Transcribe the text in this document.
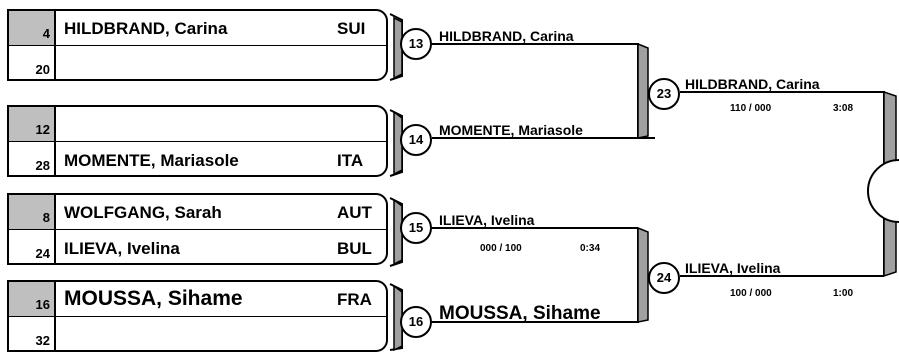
4 HILDBRAND, Carina	SUI
20
12
28 MOMENTE, Mariasole	ITA
8 WOLFGANG, Sarah	AUT
24 ILIEVA, Ivelina	BUL
16 MOUSSA, Sihame	FRA
32
13	HILDBRAND, Carina
14
MOMENTE, Mariasole
15	ILIEVA, Ivelina
000 / 100	0:34
16 MOUSSA, Sihame
23
HILDBRAND, Carina
110 / 000	3:08
24
ILIEVA, Ivelina
100 / 000	1:00
